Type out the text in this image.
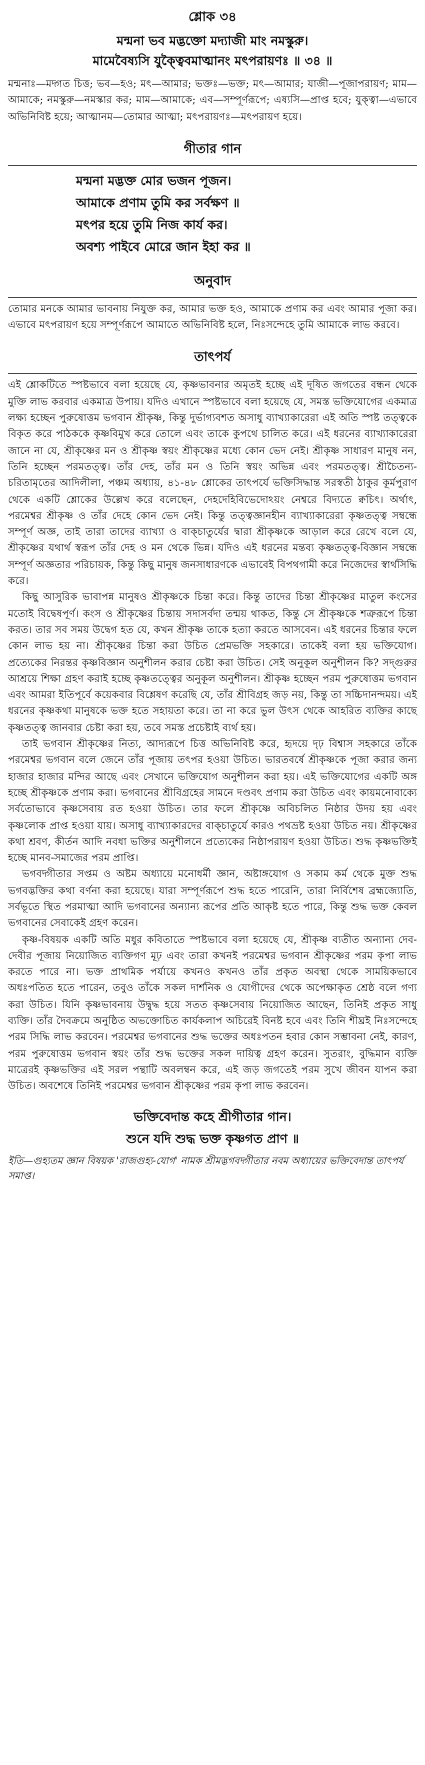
শ্লোক ৩৪
মন্মনা ভব মদ্ভক্তো মদ্যাজী মাং নমস্কুরু।
মামেবৈষ্যসি যুক্ত্বৈবমাত্মানং মৎপরায়ণঃ ॥ ৩৪ ॥

মন্মনাঃ—মদ্গত চিত্ত; ভব—হও; মৎ—আমার; ভক্তঃ—ভক্ত; মৎ—আমার; যাজী—পূজাপরায়ণ; মাম—আমাকে; নমস্কুরু—নমস্কার কর; মাম—আমাকে; এব—সম্পূর্ণরূপে; এষ্যসি—প্রাপ্ত হবে; যুক্ত্বা—এভাবে অভিনিবিষ্ট হয়ে; আত্মানম—তোমার আত্মা; মৎপরায়ণঃ—মৎপরায়ণ হয়ে।

গীতার গান
মন্মনা মদ্ভক্ত মোর ভজন পূজন।
আমাকে প্রণাম তুমি কর সর্বক্ষণ ॥
মৎপর হয়ে তুমি নিজ কার্য কর।
অবশ্য পাইবে মোরে জান ইহা কর ॥
অনুবাদ

তোমার মনকে আমার ভাবনায় নিযুক্ত কর, আমার ভক্ত হও, আমাকে প্রণাম কর এবং আমার পূজা কর। এভাবে মৎপরায়ণ হয়ে সম্পূর্ণরূপে আমাতে অভিনিবিষ্ট হলে, নিঃসন্দেহে তুমি আমাকে লাভ করবে।

তাৎপর্য

এই শ্লোকটিতে স্পষ্টভাবে বলা হয়েছে যে, কৃষ্ণভাবনার অমৃতই হচ্ছে এই দূষিত জগতের বন্ধন থেকে মুক্তি লাভ করবার একমাত্র উপায়। যদিও এখানে স্পষ্টভাবে বলা হয়েছে যে, সমস্ত ভক্তিযোগের একমাত্র লক্ষ্য হচ্ছেন পুরুষোত্তম ভগবান শ্রীকৃষ্ণ, কিন্তু দুর্ভাগ্যবশত অসাধু ব্যাখ্যাকারেরা এই অতি স্পষ্ট তত্ত্বকে বিকৃত করে পাঠককে কৃষ্ণবিমুখ করে তোলে এবং তাকে কুপথে চালিত করে। এই ধরনের ব্যাখ্যাকারেরা জানে না যে, শ্রীকৃষ্ণের মন ও শ্রীকৃষ্ণ স্বয়ং শ্রীকৃষ্ণের মধ্যে কোন ভেদ নেই। শ্রীকৃষ্ণ সাধারণ মানুষ নন, তিনি হচ্ছেন পরমতত্ত্ব। তাঁর দেহ, তাঁর মন ও তিনি স্বয়ং অভিন্ন এবং পরমতত্ত্ব। শ্রীচৈতন্য-চরিতামৃতের আদিলীলা, পঞ্চম অধ্যায়, ৪১-৪৮ শ্লোকের তাৎপর্যে ভক্তিসিদ্ধান্ত সরস্বতী ঠাকুর কূর্মপুরাণ থেকে একটি শ্লোকের উল্লেখ করে বলেছেন, দেহদেহিবিভেদোঽয়ং নেশ্বরে বিদ্যতে ক্বচিৎ। অর্থাৎ, পরমেশ্বর শ্রীকৃষ্ণ ও তাঁর দেহে কোন ভেদ নেই। কিন্তু তত্ত্বজ্ঞানহীন ব্যাখ্যাকারেরা কৃষ্ণতত্ত্ব সম্বন্ধে সম্পূর্ণ অজ্ঞ, তাই তারা তাদের ব্যাখ্যা ও বাক্চাতুর্যের দ্বারা শ্রীকৃষ্ণকে আড়াল করে রেখে বলে যে, শ্রীকৃষ্ণের যথার্থ স্বরূপ তাঁর দেহ ও মন থেকে ভিন্ন। যদিও এই ধরনের মন্তব্য কৃষ্ণতত্ত্ব-বিজ্ঞান সম্বন্ধে সম্পূর্ণ অজ্ঞতার পরিচায়ক, কিন্তু কিছু মানুষ জনসাধারণকে এভাবেই বিপথগামী করে নিজেদের স্বার্থসিদ্ধি করে।

কিছু আসুরিক ভাবাপন্ন মানুষও শ্রীকৃষ্ণকে চিন্তা করে। কিন্তু তাদের চিন্তা শ্রীকৃষ্ণের মাতুল কংসের মতোই বিদ্বেষপূর্ণ। কংস ও শ্রীকৃষ্ণের চিন্তায় সদাসর্বদা তন্ময় থাকত, কিন্তু সে শ্রীকৃষ্ণকে শত্রুরূপে চিন্তা করত। তার সব সময় উদ্বেগ হত যে, কখন শ্রীকৃষ্ণ তাকে হত্যা করতে আসবেন। এই ধরনের চিন্তার ফলে কোন লাভ হয় না। শ্রীকৃষ্ণের চিন্তা করা উচিত প্রেমভক্তি সহকারে। তাকেই বলা হয় ভক্তিযোগ। প্রত্যেকের নিরন্তর কৃষ্ণবিজ্ঞান অনুশীলন করার চেষ্টা করা উচিত। সেই অনুকূল অনুশীলন কি? সদ্গুরুর আশ্রয়ে শিক্ষা গ্রহণ করাই হচ্ছে কৃষ্ণতত্ত্বের অনুকূল অনুশীলন। শ্রীকৃষ্ণ হচ্ছেন পরম পুরুষোত্তম ভগবান এবং আমরা ইতিপূর্বে কয়েকবার বিশ্লেষণ করেছি যে, তাঁর শ্রীবিগ্রহ জড় নয়, কিন্তু তা সচ্চিদানন্দময়। এই ধরনের কৃষ্ণকথা মানুষকে ভক্ত হতে সহায়তা করে। তা না করে ভুল উৎস থেকে আহরিত ব্যক্তির কাছে কৃষ্ণতত্ত্ব জানবার চেষ্টা করা হয়, তবে সমস্ত প্রচেষ্টাই ব্যর্থ হয়।

তাই ভগবান শ্রীকৃষ্ণের নিত্য, আদ্যরূপে চিত্ত অভিনিবিষ্ট করে, হৃদয়ে দৃঢ় বিশ্বাস সহকারে তাঁকে পরমেশ্বর ভগবান বলে জেনে তাঁর পূজায় তৎপর হওয়া উচিত। ভারতবর্ষে শ্রীকৃষ্ণকে পূজা করার জন্য হাজার হাজার মন্দির আছে এবং সেখানে ভক্তিযোগ অনুশীলন করা হয়। এই ভক্তিযোগের একটি অঙ্গ হচ্ছে শ্রীকৃষ্ণকে প্রণাম করা। ভগবানের শ্রীবিগ্রহের সামনে দণ্ডবৎ প্রণাম করা উচিত এবং কায়মনোবাক্যে সর্বতোভাবে কৃষ্ণসেবায় রত হওয়া উচিত। তার ফলে শ্রীকৃষ্ণে অবিচলিত নিষ্ঠার উদয় হয় এবং কৃষ্ণলোক প্রাপ্ত হওয়া যায়। অসাধু ব্যাখ্যাকারদের বাক্চাতুর্যে কারও পথভ্রষ্ট হওয়া উচিত নয়। শ্রীকৃষ্ণের কথা শ্রবণ, কীর্তন আদি নবধা ভক্তির অনুশীলনে প্রত্যেকের নিষ্ঠাপরায়ণ হওয়া উচিত। শুদ্ধ কৃষ্ণভক্তিই হচ্ছে মানব-সমাজের পরম প্রাপ্তি।

ভগবদ্গীতার সপ্তম ও অষ্টম অধ্যায়ে মনোধর্মী জ্ঞান, অষ্টাঙ্গযোগ ও সকাম কর্ম থেকে মুক্ত শুদ্ধ ভগবদ্ভক্তির কথা বর্ণনা করা হয়েছে। যারা সম্পূর্ণরূপে শুদ্ধ হতে পারেনি, তারা নির্বিশেষ ব্রহ্মজ্যোতি, সর্বভূতে স্থিত পরমাত্মা আদি ভগবানের অন্যান্য রূপের প্রতি আকৃষ্ট হতে পারে, কিন্তু শুদ্ধ ভক্ত কেবল ভগবানের সেবাকেই গ্রহণ করেন।

কৃষ্ণ-বিষয়ক একটি অতি মধুর কবিতাতে স্পষ্টভাবে বলা হয়েছে যে, শ্রীকৃষ্ণ ব্যতীত অন্যান্য দেব-দেবীর পূজায় নিয়োজিত ব্যক্তিগণ মূঢ় এবং তারা কখনই পরমেশ্বর ভগবান শ্রীকৃষ্ণের পরম কৃপা লাভ করতে পারে না। ভক্ত প্রাথমিক পর্যায়ে কখনও কখনও তাঁর প্রকৃত অবস্থা থেকে সাময়িকভাবে অধঃপতিত হতে পারেন, তবুও তাঁকে সকল দার্শনিক ও যোগীদের থেকে অপেক্ষাকৃত শ্রেষ্ঠ বলে গণ্য করা উচিত। যিনি কৃষ্ণভাবনায় উদ্বুদ্ধ হয়ে সতত কৃষ্ণসেবায় নিয়োজিত আছেন, তিনিই প্রকৃত সাধু ব্যক্তি। তাঁর দৈবক্রমে অনুষ্ঠিত অভক্তোচিত কার্যকলাপ অচিরেই বিনষ্ট হবে এবং তিনি শীঘ্রই নিঃসন্দেহে পরম সিদ্ধি লাভ করবেন। পরমেশ্বর ভগবানের শুদ্ধ ভক্তের অধঃপতন হবার কোন সম্ভাবনা নেই, কারণ, পরম পুরুষোত্তম ভগবান স্বয়ং তাঁর শুদ্ধ ভক্তের সকল দায়িত্ব গ্রহণ করেন। সুতরাং, বুদ্ধিমান ব্যক্তি মাত্রেরই কৃষ্ণভক্তির এই সরল পন্থাটি অবলম্বন করে, এই জড় জগতেই পরম সুখে জীবন যাপন করা উচিত। অবশেষে তিনিই পরমেশ্বর ভগবান শ্রীকৃষ্ণের পরম কৃপা লাভ করবেন।

ভক্তিবেদান্ত কহে শ্রীগীতার গান।
শুনে যদি শুদ্ধ ভক্ত কৃষ্ণগত প্রাণ ॥
ইতি—গুহ্যতম জ্ঞান বিষয়ক 'রাজগুহ্য-যোগ' নামক শ্রীমদ্ভগবদ্গীতার নবম অধ্যায়ের ভক্তিবেদান্ত তাৎপর্য সমাপ্ত।
